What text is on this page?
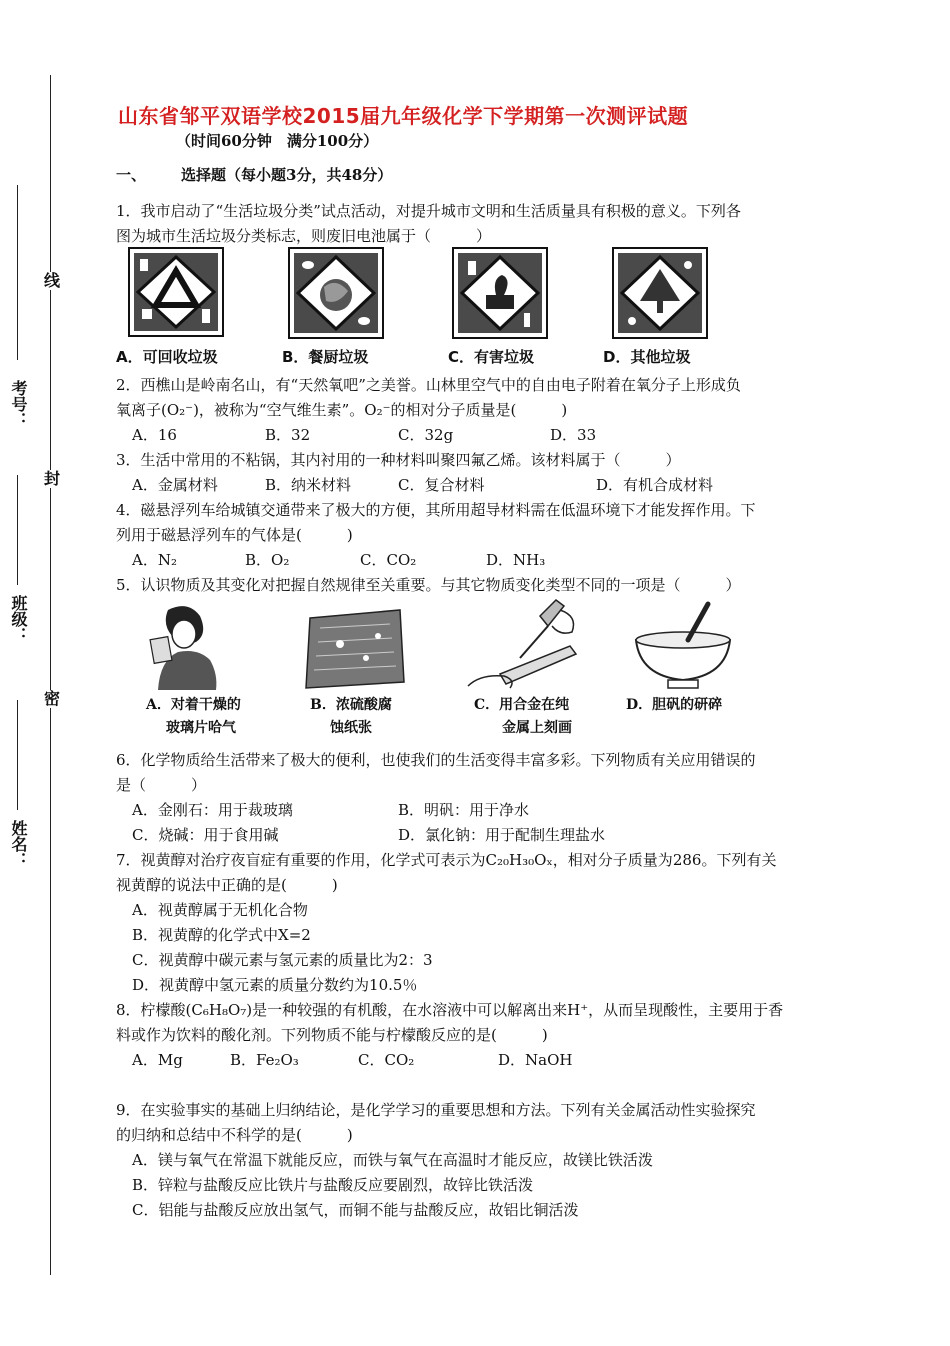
线
封
密
考号：
班级：
姓名：
山东省邹平双语学校2015届九年级化学下学期第一次测评试题
（时间60分钟　满分100分）
一、 选择题（每小题3分，共48分）
1．我市启动了“生活垃圾分类”试点活动，对提升城市文明和生活质量具有积极的意义。下列各
图为城市生活垃圾分类标志，则废旧电池属于（　　　）
A．可回收垃圾	B．餐厨垃圾	C．有害垃圾	D．其他垃圾
2．西樵山是岭南名山，有“天然氧吧”之美誉。山林里空气中的自由电子附着在氧分子上形成负
氧离子(O₂⁻)，被称为“空气维生素”。O₂⁻的相对分子质量是(　　　)
A．16	B．32	C．32g	D．33
3．生活中常用的不粘锅，其内衬用的一种材料叫聚四氟乙烯。该材料属于（　　　）
A．金属材料	B．纳米材料	C．复合材料	D．有机合成材料
4．磁悬浮列车给城镇交通带来了极大的方便，其所用超导材料需在低温环境下才能发挥作用。下
列用于磁悬浮列车的气体是(　　　)
A．N₂	B．O₂	C．CO₂	D．NH₃
5．认识物质及其变化对把握自然规律至关重要。与其它物质变化类型不同的一项是（　　　）
A．对着干燥的
玻璃片哈气
B．浓硫酸腐
蚀纸张
C．用合金在纯
金属上刻画
D．胆矾的研碎
6．化学物质给生活带来了极大的便利，也使我们的生活变得丰富多彩。下列物质有关应用错误的
是（　　　）
A．金刚石：用于裁玻璃	B．明矾：用于净水
C．烧碱：用于食用碱	D．氯化钠：用于配制生理盐水
7．视黄醇对治疗夜盲症有重要的作用，化学式可表示为C₂₀H₃₀Oₓ，相对分子质量为286。下列有关
视黄醇的说法中正确的是(　　　)
A．视黄醇属于无机化合物
B．视黄醇的化学式中X=2
C．视黄醇中碳元素与氢元素的质量比为2：3
D．视黄醇中氢元素的质量分数约为10.5％
8．柠檬酸(C₆H₈O₇)是一种较强的有机酸，在水溶液中可以解离出来H⁺，从而呈现酸性，主要用于香
料或作为饮料的酸化剂。下列物质不能与柠檬酸反应的是(　　　)
A．Mg	B．Fe₂O₃	C．CO₂	D．NaOH
9．在实验事实的基础上归纳结论，是化学学习的重要思想和方法。下列有关金属活动性实验探究
的归纳和总结中不科学的是(　　　)
A．镁与氧气在常温下就能反应，而铁与氧气在高温时才能反应，故镁比铁活泼
B．锌粒与盐酸反应比铁片与盐酸反应要剧烈，故锌比铁活泼
C．铝能与盐酸反应放出氢气，而铜不能与盐酸反应，故铝比铜活泼
